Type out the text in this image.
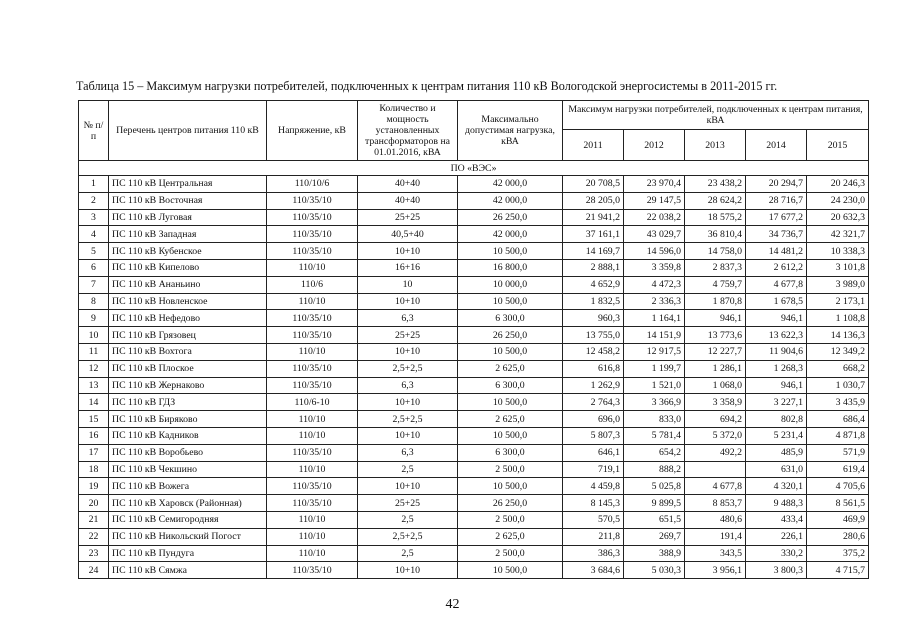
Таблица 15 – Максимум нагрузки потребителей, подключенных к центрам питания 110 кВ Вологодской энергосистемы в 2011-2015 гг.
№ п/п	Перечень центров питания 110 кВ	Напряжение, кВ	Количество и мощность установленных трансформаторов на 01.01.2016, кВА	Максимально допустимая нагрузка, кВА	Максимум нагрузки потребителей, подключенных к центрам питания, кВА				
					2011	2012	2013	2014	2015
ПО «ВЭС»									
1	ПС 110 кВ Центральная	110/10/6	40+40	42 000,0	20 708,5	23 970,4	23 438,2	20 294,7	20 246,3
2	ПС 110 кВ Восточная	110/35/10	40+40	42 000,0	28 205,0	29 147,5	28 624,2	28 716,7	24 230,0
3	ПС 110 кВ Луговая	110/35/10	25+25	26 250,0	21 941,2	22 038,2	18 575,2	17 677,2	20 632,3
4	ПС 110 кВ Западная	110/35/10	40,5+40	42 000,0	37 161,1	43 029,7	36 810,4	34 736,7	42 321,7
5	ПС 110 кВ Кубенское	110/35/10	10+10	10 500,0	14 169,7	14 596,0	14 758,0	14 481,2	10 338,3
6	ПС 110 кВ Кипелово	110/10	16+16	16 800,0	2 888,1	3 359,8	2 837,3	2 612,2	3 101,8
7	ПС 110 кВ Ананьино	110/6	10	10 000,0	4 652,9	4 472,3	4 759,7	4 677,8	3 989,0
8	ПС 110 кВ Новленское	110/10	10+10	10 500,0	1 832,5	2 336,3	1 870,8	1 678,5	2 173,1
9	ПС 110 кВ Нефедово	110/35/10	6,3	6 300,0	960,3	1 164,1	946,1	946,1	1 108,8
10	ПС 110 кВ Грязовец	110/35/10	25+25	26 250,0	13 755,0	14 151,9	13 773,6	13 622,3	14 136,3
11	ПС 110 кВ Вохтога	110/10	10+10	10 500,0	12 458,2	12 917,5	12 227,7	11 904,6	12 349,2
12	ПС 110 кВ Плоское	110/35/10	2,5+2,5	2 625,0	616,8	1 199,7	1 286,1	1 268,3	668,2
13	ПС 110 кВ Жернаково	110/35/10	6,3	6 300,0	1 262,9	1 521,0	1 068,0	946,1	1 030,7
14	ПС 110 кВ ГДЗ	110/6-10	10+10	10 500,0	2 764,3	3 366,9	3 358,9	3 227,1	3 435,9
15	ПС 110 кВ Биряково	110/10	2,5+2,5	2 625,0	696,0	833,0	694,2	802,8	686,4
16	ПС 110 кВ Кадников	110/10	10+10	10 500,0	5 807,3	5 781,4	5 372,0	5 231,4	4 871,8
17	ПС 110 кВ Воробьево	110/35/10	6,3	6 300,0	646,1	654,2	492,2	485,9	571,9
18	ПС 110 кВ Чекшино	110/10	2,5	2 500,0	719,1	888,2		631,0	619,4
19	ПС 110 кВ Вожега	110/35/10	10+10	10 500,0	4 459,8	5 025,8	4 677,8	4 320,1	4 705,6
20	ПС 110 кВ Харовск (Районная)	110/35/10	25+25	26 250,0	8 145,3	9 899,5	8 853,7	9 488,3	8 561,5
21	ПС 110 кВ Семигородняя	110/10	2,5	2 500,0	570,5	651,5	480,6	433,4	469,9
22	ПС 110 кВ Никольский Погост	110/10	2,5+2,5	2 625,0	211,8	269,7	191,4	226,1	280,6
23	ПС 110 кВ Пундуга	110/10	2,5	2 500,0	386,3	388,9	343,5	330,2	375,2
24	ПС 110 кВ Сямжа	110/35/10	10+10	10 500,0	3 684,6	5 030,3	3 956,1	3 800,3	4 715,7
42
